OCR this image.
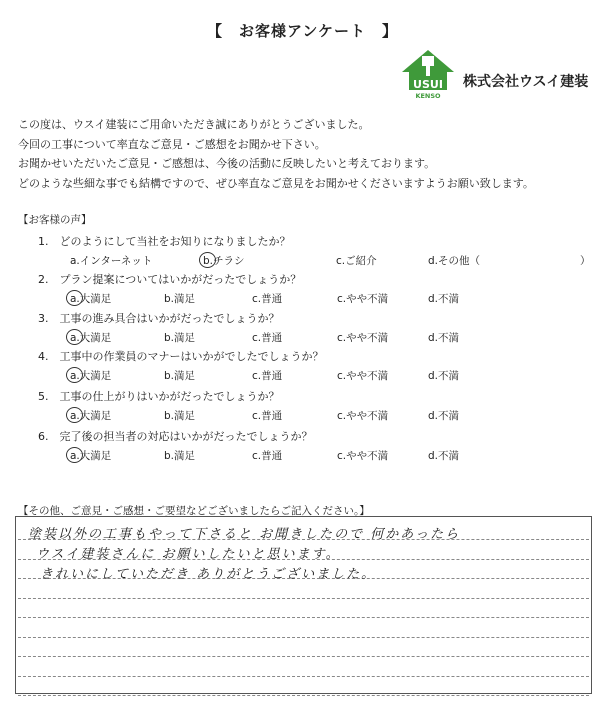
【　お客様アンケート　】
USUI
KENSO
株式会社ウスイ建装
この度は、ウスイ建装にご用命いただき誠にありがとうございました。
今回の工事について率直なご意見・ご感想をお聞かせ下さい。
お聞かせいただいたご意見・ご感想は、今後の活動に反映したいと考えております。
どのような些細な事でも結構ですので、ぜひ率直なご意見をお聞かせくださいますようお願い致します。
【お客様の声】
1.　どのようにして当社をお知りになりましたか？
a.インターネット	b.チラシ	c.ご紹介	d.その他（	）
2.　プラン提案についてはいかがだったでしょうか？
a.大満足	b.満足	c.普通	c.やや不満	d.不満
3.　工事の進み具合はいかがだったでしょうか？
a.大満足	b.満足	c.普通	c.やや不満	d.不満
4.　工事中の作業員のマナーはいかがでしたでしょうか？
a.大満足	b.満足	c.普通	c.やや不満	d.不満
5.　工事の仕上がりはいかがだったでしょうか？
a.大満足	b.満足	c.普通	c.やや不満	d.不満
6.　完了後の担当者の対応はいかがだったでしょうか？
a.大満足	b.満足	c.普通	c.やや不満	d.不満
【その他、ご意見・ご感想・ご要望などございましたらご記入ください。】
塗装以外の工事もやって下さると お聞きしたので 何かあったら
ウスイ建装さんに お願いしたいと思います。
きれいにしていただき ありがとうございました。
